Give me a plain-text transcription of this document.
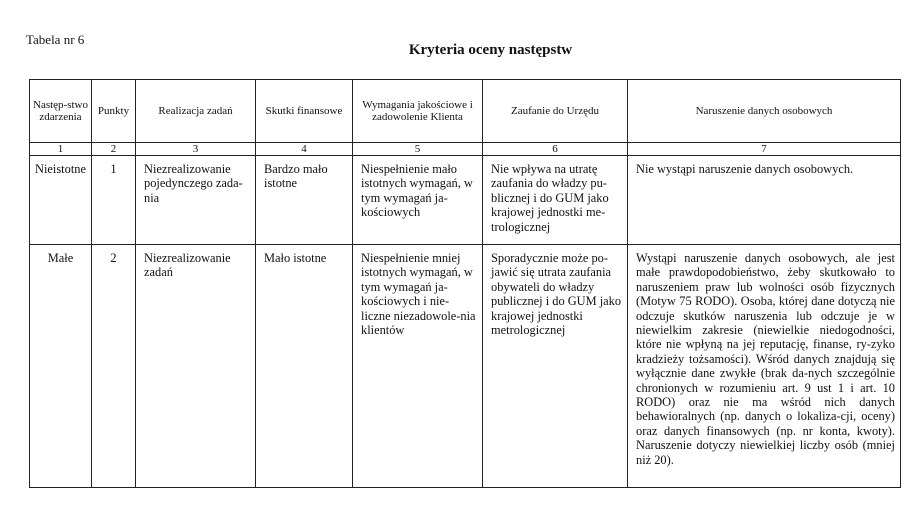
Tabela nr 6
Kryteria oceny następstw
Następ-stwo zdarzenia	Punkty	Realizacja zadań	Skutki finansowe	Wymagania jakościowe i zadowolenie Klienta	Zaufanie do Urzędu	Naruszenie danych osobowych
1	2	3	4	5	6	7
Nieistotne	1	Niezrealizowanie pojedynczego zada-nia	Bardzo mało istotne	Niespełnienie mało istotnych wymagań, w tym wymagań ja-kościowych	Nie wpływa na utratę zaufania do władzy pu-blicznej i do GUM jako krajowej jednostki me-trologicznej	Nie wystąpi naruszenie danych osobowych.
Małe	2	Niezrealizowanie zadań	Mało istotne	Niespełnienie mniej istotnych wymagań, w tym wymagań ja-kościowych i nie-liczne niezadowole-nia klientów	Sporadycznie może po-jawić się utrata zaufania obywateli do władzy publicznej i do GUM jako krajowej jednostki metrologicznej	Wystąpi naruszenie danych osobowych, ale jest małe prawdopodobieństwo, żeby skutkowało to naruszeniem praw lub wolności osób fizycznych (Motyw 75 RODO). Osoba, której dane dotyczą nie odczuje skutków naruszenia lub odczuje je w niewielkim zakresie (niewielkie niedogodności, które nie wpłyną na jej reputację, finanse, ry-zyko kradzieży tożsamości). Wśród danych znajdują się wyłącznie dane zwykłe (brak da-nych szczególnie chronionych w rozumieniu art. 9 ust 1 i art. 10 RODO) oraz nie ma wśród nich danych behawioralnych (np. danych o lokaliza-cji, oceny) oraz danych finansowych (np. nr konta, kwoty). Naruszenie dotyczy niewielkiej liczby osób (mniej niż 20).
